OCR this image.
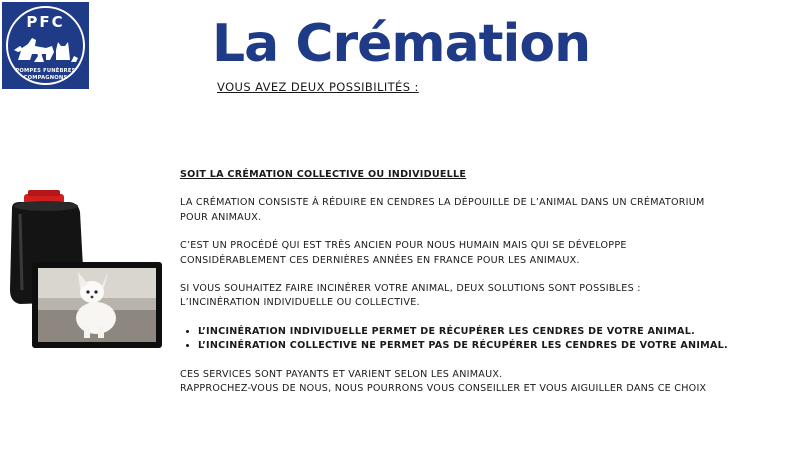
PFC
POMPES FUNÈBRES
COMPAGNONS
La Crémation
VOUS AVEZ DEUX POSSIBILITÉS :

SOIT LA CRÉMATION COLLECTIVE OU INDIVIDUELLE

LA CRÉMATION CONSISTE À RÉDUIRE EN CENDRES LA DÉPOUILLE DE L’ANIMAL DANS UN CRÉMATORIUM
POUR ANIMAUX.

C’EST UN PROCÉDÉ QUI EST TRÈS ANCIEN POUR NOUS HUMAIN MAIS QUI SE DÉVELOPPE
CONSIDÉRABLEMENT CES DERNIÈRES ANNÉES EN FRANCE POUR LES ANIMAUX.

SI VOUS SOUHAITEZ FAIRE INCINÉRER VOTRE ANIMAL, DEUX SOLUTIONS SONT POSSIBLES :
L’INCINÉRATION INDIVIDUELLE OU COLLECTIVE.

• L’INCINÉRATION INDIVIDUELLE PERMET DE RÉCUPÉRER LES CENDRES DE VOTRE ANIMAL.
• L’INCINÉRATION COLLECTIVE NE PERMET PAS DE RÉCUPÉRER LES CENDRES DE VOTRE ANIMAL.

CES SERVICES SONT PAYANTS ET VARIENT SELON LES ANIMAUX.
RAPPROCHEZ-VOUS DE NOUS, NOUS POURRONS VOUS CONSEILLER ET VOUS AIGUILLER DANS CE CHOIX
